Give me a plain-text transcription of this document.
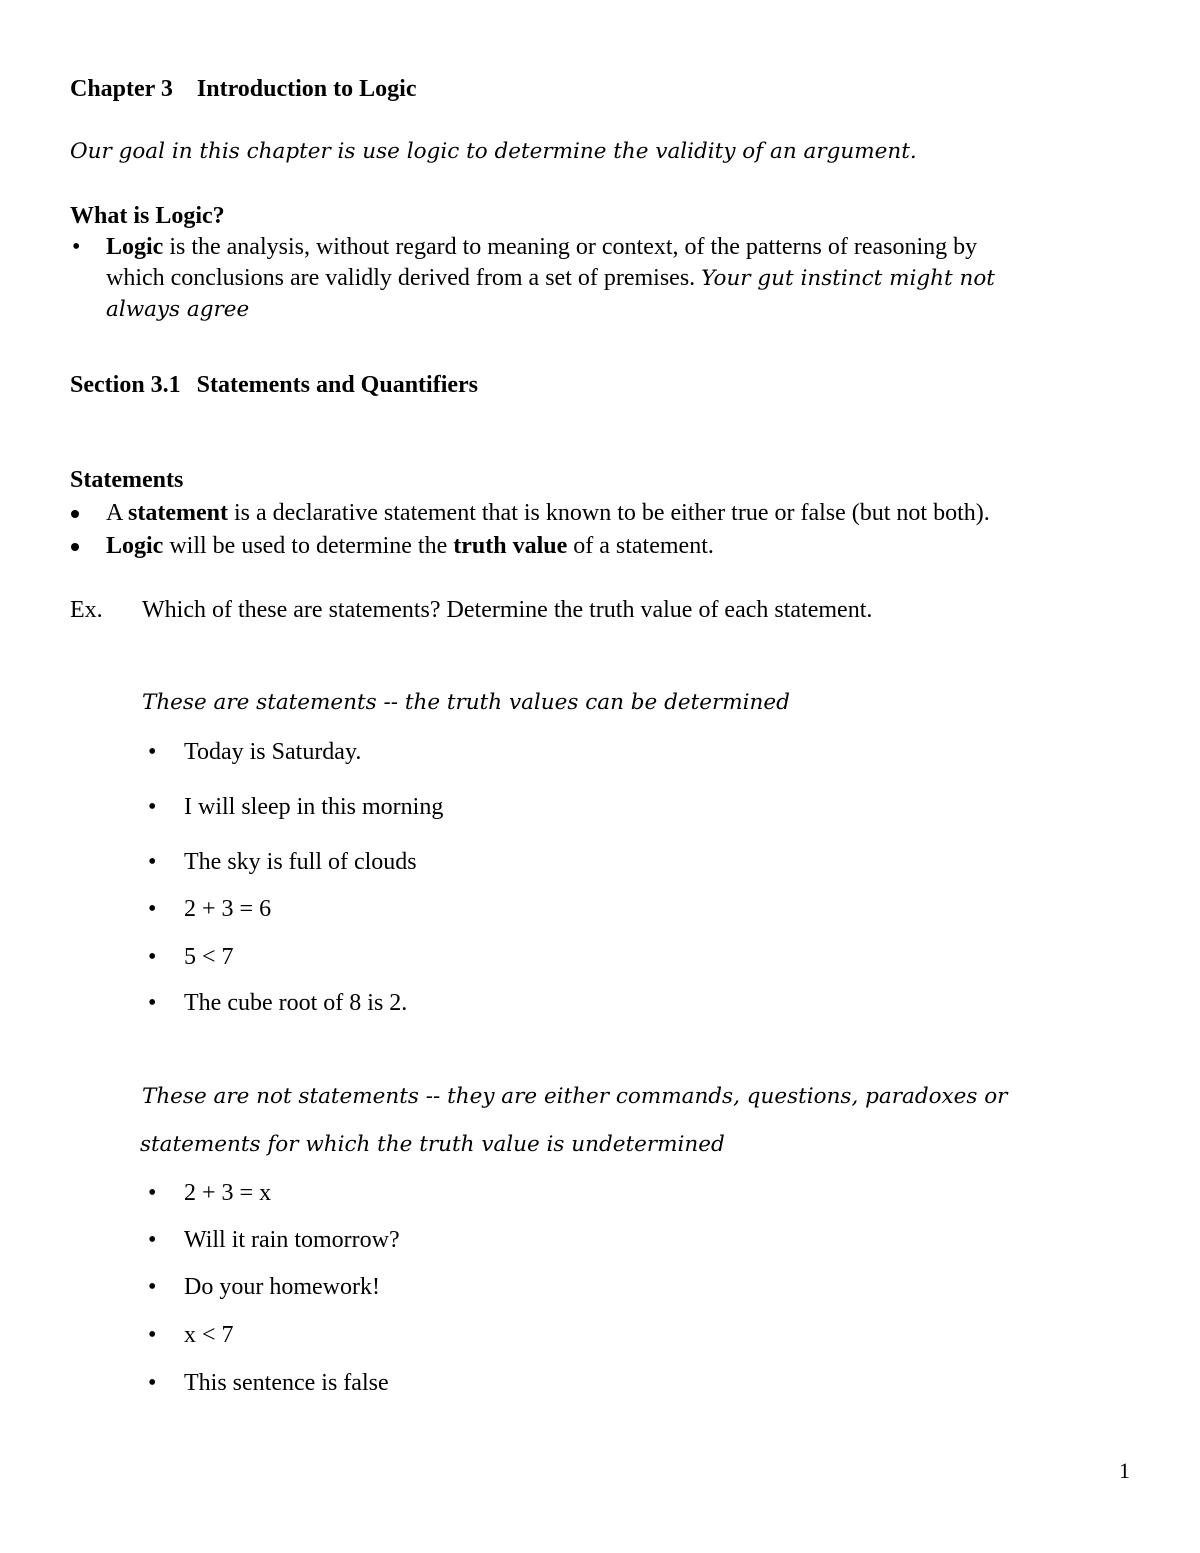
Chapter 3 Introduction to Logic
Our goal in this chapter is use logic to determine the validity of an argument.
What is Logic?
• Logic is the analysis, without regard to meaning or context, of the patterns of reasoning by
which conclusions are validly derived from a set of premises. Your gut instinct might not
always agree
Section 3.1 Statements and Quantifiers
Statements
A statement is a declarative statement that is known to be either true or false (but not both).
Logic will be used to determine the truth value of a statement.
Ex. Which of these are statements? Determine the truth value of each statement.
These are statements -- the truth values can be determined
• Today is Saturday.
• I will sleep in this morning
• The sky is full of clouds
• 2 + 3 = 6
• 5 < 7
• The cube root of 8 is 2.
These are not statements -- they are either commands, questions, paradoxes or
statements for which the truth value is undetermined
• 2 + 3 = x
• Will it rain tomorrow?
• Do your homework!
• x < 7
• This sentence is false
1
